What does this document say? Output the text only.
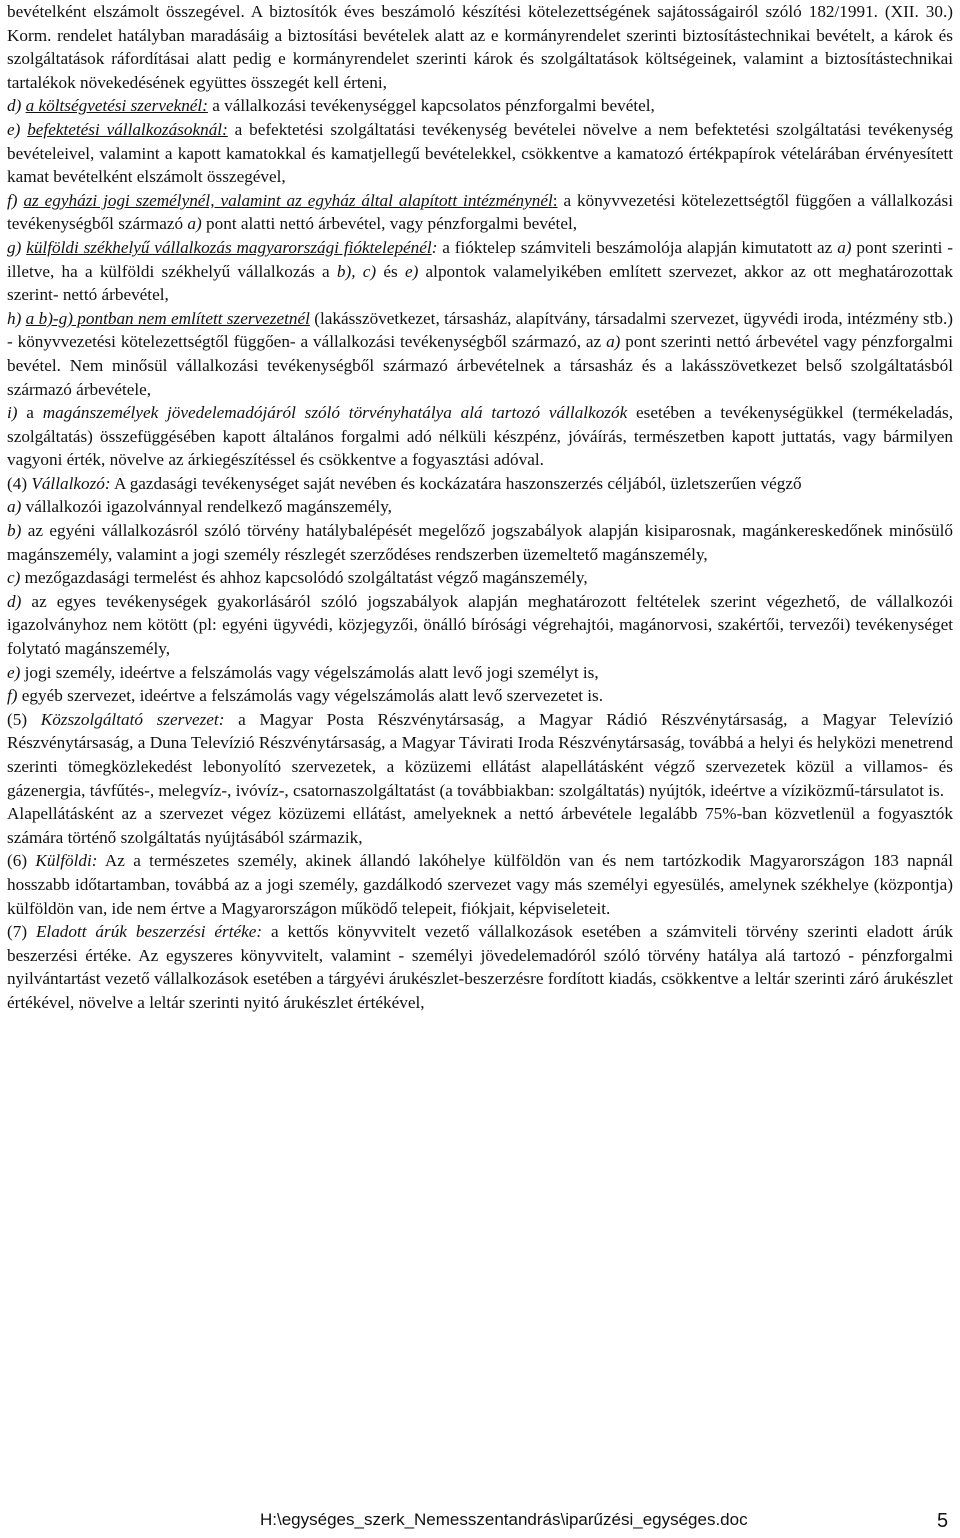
bevételként elszámolt összegével. A biztosítók éves beszámoló készítési kötelezettségének sajátosságairól szóló 182/1991. (XII. 30.) Korm. rendelet hatályban maradásáig a biztosítási bevételek alatt az e kormányrendelet szerinti biztosítástechnikai bevételt, a károk és szolgáltatások ráfordításai alatt pedig e kormányrendelet szerinti károk és szolgáltatások költségeinek, valamint a biztosítástechnikai tartalékok növekedésének együttes összegét kell érteni,

d) a költségvetési szerveknél: a vállalkozási tevékenységgel kapcsolatos pénzforgalmi bevétel,

e) befektetési vállalkozásoknál: a befektetési szolgáltatási tevékenység bevételei növelve a nem befektetési szolgáltatási tevékenység bevételeivel, valamint a kapott kamatokkal és kamatjellegű bevételekkel, csökkentve a kamatozó értékpapírok vételárában érvényesített kamat bevételként elszámolt összegével,

f) az egyházi jogi személynél, valamint az egyház által alapított intézménynél: a könyvvezetési kötelezettségtől függően a vállalkozási tevékenységből származó a) pont alatti nettó árbevétel, vagy pénzforgalmi bevétel,

g) külföldi székhelyű vállalkozás magyarországi fióktelepénél: a fióktelep számviteli beszámolója alapján kimutatott az a) pont szerinti - illetve, ha a külföldi székhelyű vállalkozás a b), c) és e) alpontok valamelyikében említett szervezet, akkor az ott meghatározottak szerint- nettó árbevétel,

h) a b)-g) pontban nem említett szervezetnél (lakásszövetkezet, társasház, alapítvány, társadalmi szervezet, ügyvédi iroda, intézmény stb.) - könyvvezetési kötelezettségtől függően- a vállalkozási tevékenységből származó, az a) pont szerinti nettó árbevétel vagy pénzforgalmi bevétel. Nem minősül vállalkozási tevékenységből származó árbevételnek a társasház és a lakásszövetkezet belső szolgáltatásból származó árbevétele,

i) a magánszemélyek jövedelemadójáról szóló törvényhatálya alá tartozó vállalkozók esetében a tevékenységükkel (termékeladás, szolgáltatás) összefüggésében kapott általános forgalmi adó nélküli készpénz, jóváírás, természetben kapott juttatás, vagy bármilyen vagyoni érték, növelve az árkiegészítéssel és csökkentve a fogyasztási adóval.

(4) Vállalkozó: A gazdasági tevékenységet saját nevében és kockázatára haszonszerzés céljából, üzletszerűen végző

a) vállalkozói igazolvánnyal rendelkező magánszemély,

b) az egyéni vállalkozásról szóló törvény hatálybalépését megelőző jogszabályok alapján kisiparosnak, magánkereskedőnek minősülő magánszemély, valamint a jogi személy részlegét szerződéses rendszerben üzemeltető magánszemély,

c) mezőgazdasági termelést és ahhoz kapcsolódó szolgáltatást végző magánszemély,

d) az egyes tevékenységek gyakorlásáról szóló jogszabályok alapján meghatározott feltételek szerint végezhető, de vállalkozói igazolványhoz nem kötött (pl: egyéni ügyvédi, közjegyzői, önálló bírósági végrehajtói, magánorvosi, szakértői, tervezői) tevékenységet folytató magánszemély,

e) jogi személy, ideértve a felszámolás vagy végelszámolás alatt levő jogi személyt is,

f) egyéb szervezet, ideértve a felszámolás vagy végelszámolás alatt levő szervezetet is.

(5) Közszolgáltató szervezet: a Magyar Posta Részvénytársaság, a Magyar Rádió Részvénytársaság, a Magyar Televízió Részvénytársaság, a Duna Televízió Részvénytársaság, a Magyar Távirati Iroda Részvénytársaság, továbbá a helyi és helyközi menetrend szerinti tömegközlekedést lebonyolító szervezetek, a közüzemi ellátást alapellátásként végző szervezetek közül a villamos- és gázenergia, távfűtés-, melegvíz-, ivóvíz-, csatornaszolgáltatást (a továbbiakban: szolgáltatás) nyújtók, ideértve a víziközmű-társulatot is.

Alapellátásként az a szervezet végez közüzemi ellátást, amelyeknek a nettó árbevétele legalább 75%-ban közvetlenül a fogyasztók számára történő szolgáltatás nyújtásából származik,

(6) Külföldi: Az a természetes személy, akinek állandó lakóhelye külföldön van és nem tartózkodik Magyarországon 183 napnál hosszabb időtartamban, továbbá az a jogi személy, gazdálkodó szervezet vagy más személyi egyesülés, amelynek székhelye (központja) külföldön van, ide nem értve a Magyarországon működő telepeit, fiókjait, képviseleteit.

(7) Eladott árúk beszerzési értéke: a kettős könyvvitelt vezető vállalkozások esetében a számviteli törvény szerinti eladott árúk beszerzési értéke. Az egyszeres könyvvitelt, valamint - személyi jövedelemadóról szóló törvény hatálya alá tartozó - pénzforgalmi nyilvántartást vezető vállalkozások esetében a tárgyévi árukészlet-beszerzésre fordított kiadás, csökkentve a leltár szerinti záró árukészlet értékével, növelve a leltár szerinti nyitó árukészlet értékével,

H:\egységes_szerk_Nemesszentandrás\iparűzési_egységes.doc	5
